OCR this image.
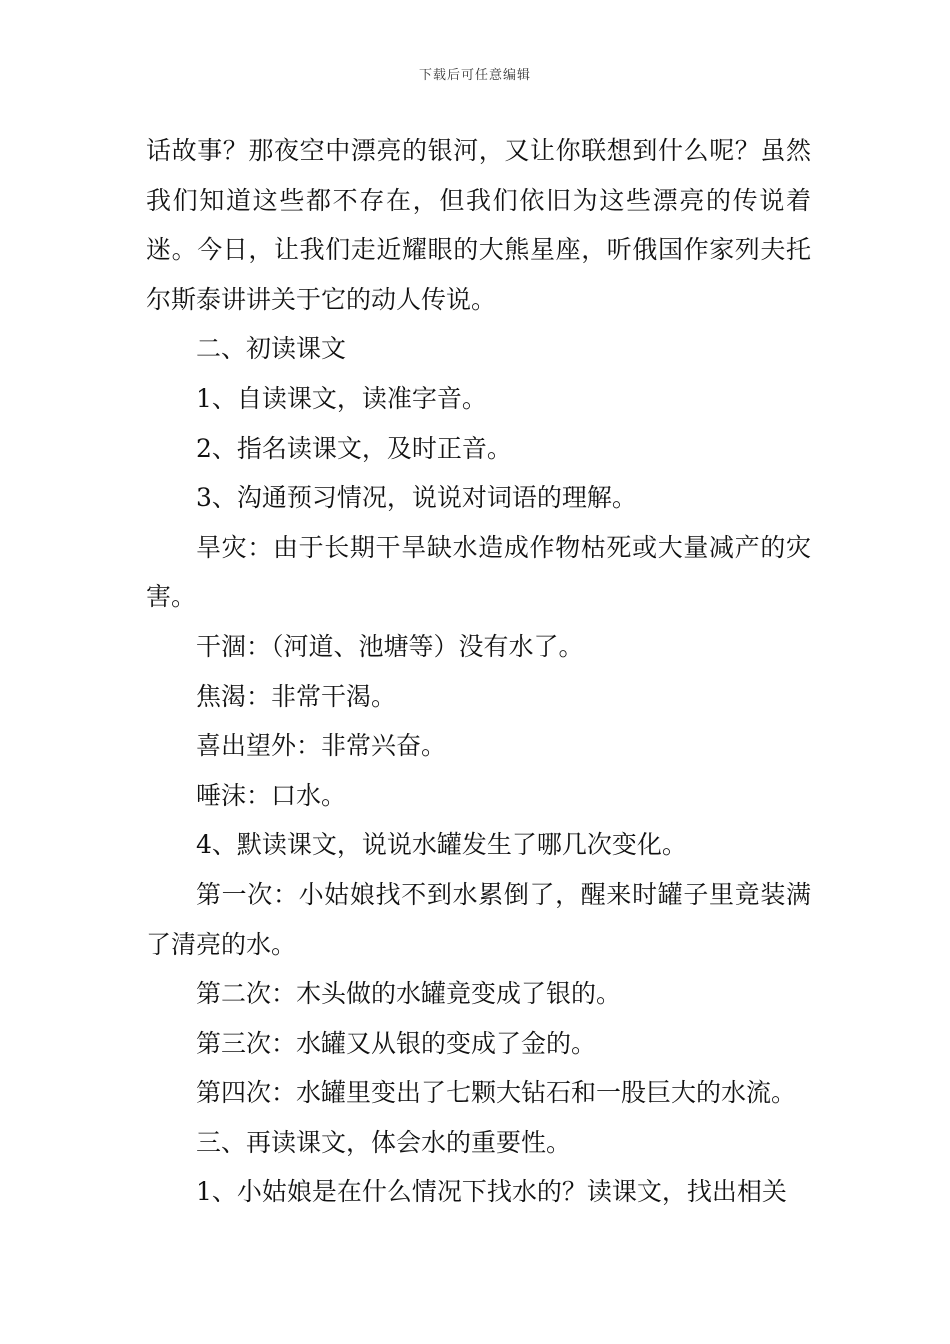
下载后可任意编辑

话故事？那夜空中漂亮的银河，又让你联想到什么呢？虽然我们知道这些都不存在，但我们依旧为这些漂亮的传说着迷。今日，让我们走近耀眼的大熊星座，听俄国作家列夫托尔斯泰讲讲关于它的动人传说。

二、初读课文

1、自读课文，读准字音。

2、指名读课文，及时正音。

3、沟通预习情况，说说对词语的理解。

旱灾：由于长期干旱缺水造成作物枯死或大量减产的灾害。

干涸：（河道、池塘等）没有水了。

焦渴：非常干渴。

喜出望外：非常兴奋。

唾沫：口水。

4、默读课文，说说水罐发生了哪几次变化。

第一次：小姑娘找不到水累倒了，醒来时罐子里竟装满了清亮的水。

第二次：木头做的水罐竟变成了银的。

第三次：水罐又从银的变成了金的。

第四次：水罐里变出了七颗大钻石和一股巨大的水流。

三、再读课文，体会水的重要性。

1、小姑娘是在什么情况下找水的？读课文，找出相关
